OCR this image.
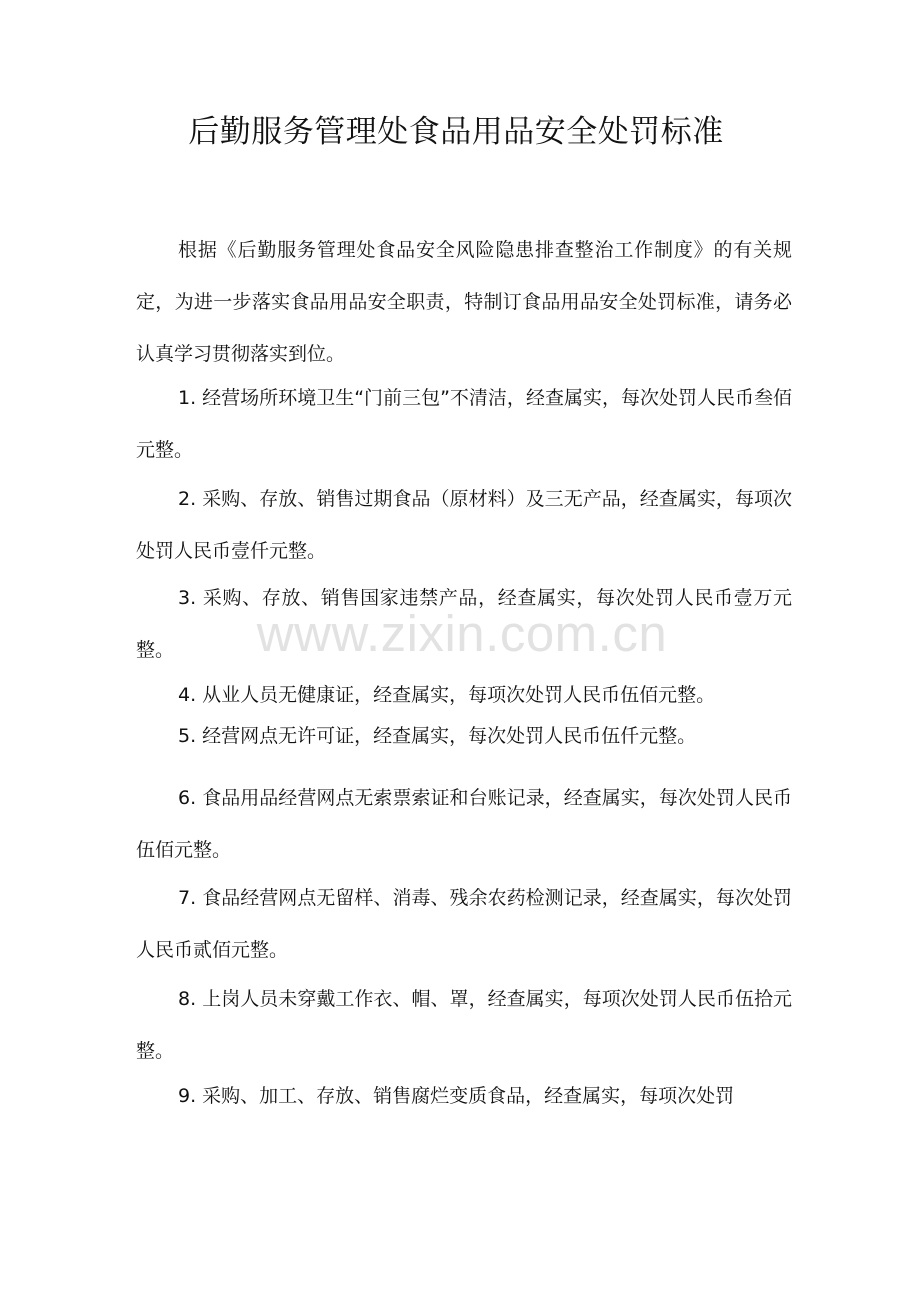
后勤服务管理处食品用品安全处罚标准

根据《后勤服务管理处食品安全风险隐患排查整治工作制度》的有关规定，为进一步落实食品用品安全职责，特制订食品用品安全处罚标准，请务必认真学习贯彻落实到位。

1. 经营场所环境卫生“门前三包”不清洁，经查属实，每次处罚人民币叁佰元整。

2. 采购、存放、销售过期食品（原材料）及三无产品，经查属实，每项次处罚人民币壹仟元整。

3. 采购、存放、销售国家违禁产品，经查属实，每次处罚人民币壹万元整。

4. 从业人员无健康证，经查属实，每项次处罚人民币伍佰元整。

5. 经营网点无许可证，经查属实，每次处罚人民币伍仟元整。

6. 食品用品经营网点无索票索证和台账记录，经查属实，每次处罚人民币伍佰元整。

7. 食品经营网点无留样、消毒、残余农药检测记录，经查属实，每次处罚人民币贰佰元整。

8. 上岗人员未穿戴工作衣、帽、罩，经查属实，每项次处罚人民币伍拾元整。

9. 采购、加工、存放、销售腐烂变质食品，经查属实，每项次处罚

www.zixin.com.cn
